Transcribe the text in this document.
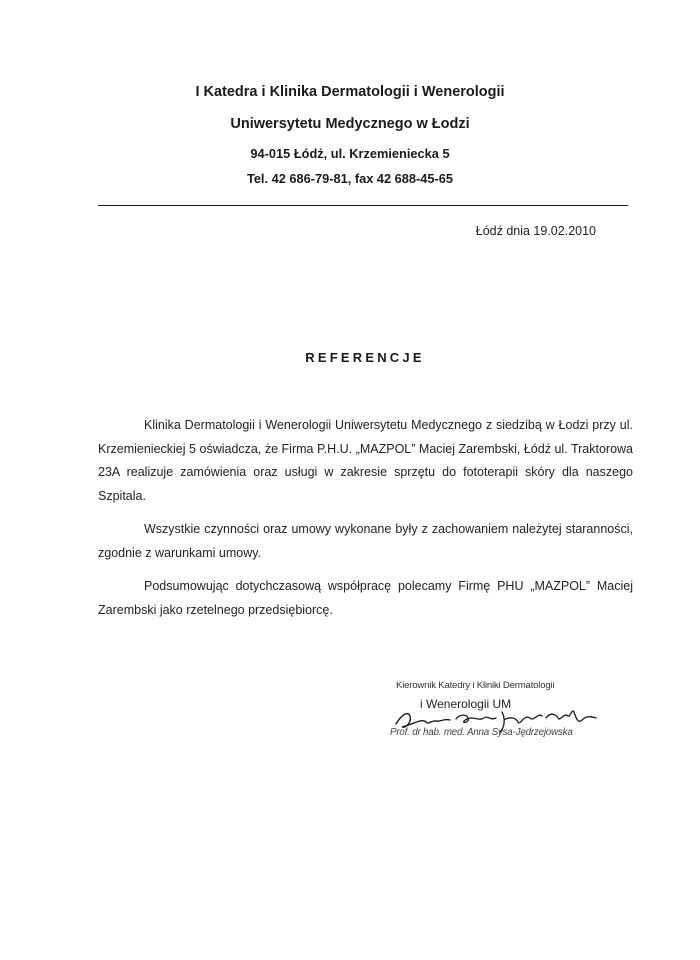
I Katedra i Klinika Dermatologii i Wenerologii
Uniwersytetu Medycznego w Łodzi
94-015 Łódź, ul. Krzemieniecka 5
Tel. 42 686-79-81, fax 42 688-45-65
Łódź dnia 19.02.2010
REFERENCJE

Klinika Dermatologii i Wenerologii Uniwersytetu Medycznego z siedzibą w Łodzi przy ul. Krzemienieckiej 5 oświadcza, że Firma P.H.U. „MAZPOL” Maciej Zarembski, Łódź ul. Traktorowa 23A realizuje zamówienia oraz usługi w zakresie sprzętu do fototerapii skóry dla naszego Szpitala.

Wszystkie czynności oraz umowy wykonane były z zachowaniem należytej staranności, zgodnie z warunkami umowy.

Podsumowując dotychczasową współpracę polecamy Firmę PHU „MAZPOL” Maciej Zarembski jako rzetelnego przedsiębiorcę.

Kierownik Katedry i Kliniki Dermatologii
i Wenerologii UM
Prof. dr hab. med. Anna Sysa-Jędrzejowska
